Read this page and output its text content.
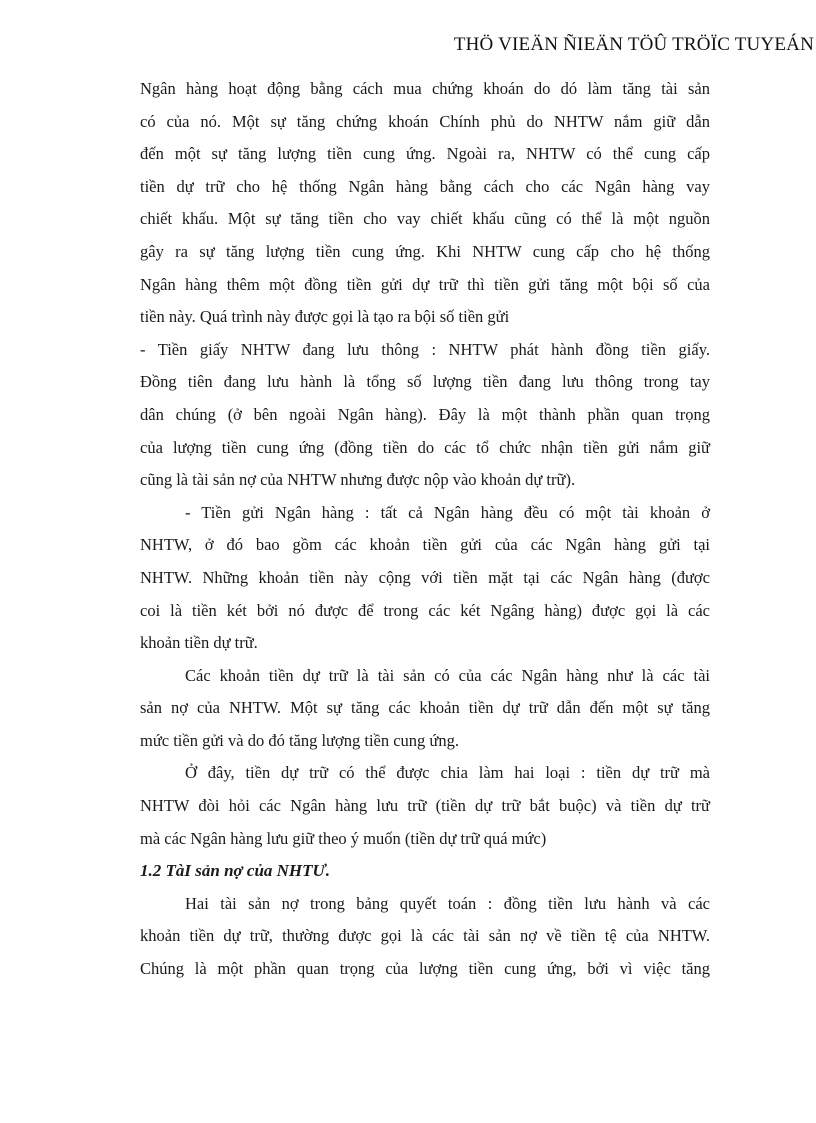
THÖ VIEÄN ÑIEÄN TÖÛ TRÖÏC TUYEÁN
Ngân hàng hoạt động bằng cách mua chứng khoán do dó làm tăng tài sản
có của nó. Một sự tăng chứng khoán Chính phủ do NHTW nắm giữ dẫn
đến một sự tăng lượng tiền cung ứng. Ngoài ra, NHTW có thể cung cấp
tiền dự trữ cho hệ thống Ngân hàng bằng cách cho các Ngân hàng vay
chiết khấu. Một sự tăng tiền cho vay chiết khấu cũng có thể là một nguồn
gây ra sự tăng lượng tiền cung ứng. Khi NHTW cung cấp cho hệ thống
Ngân hàng thêm một đồng tiền gửi dự trữ thì tiền gửi tăng một bội số của
tiền này. Quá trình này được gọi là tạo ra bội số tiền gửi
- Tiền giấy NHTW đang lưu thông : NHTW phát hành đồng tiền giấy.
Đồng tiên đang lưu hành là tổng số lượng tiền đang lưu thông trong tay
dân chúng (ở bên ngoài Ngân hàng). Đây là một thành phần quan trọng
của lượng tiền cung ứng (đồng tiền do các tổ chức nhận tiền gửi nắm giữ
cũng là tài sản nợ của NHTW nhưng được nộp vào khoản dự trữ).
- Tiền gửi Ngân hàng : tất cả Ngân hàng đều có một tài khoản ở
NHTW, ở đó bao gồm các khoản tiền gửi của các Ngân hàng gửi tại
NHTW. Những khoản tiền này cộng với tiền mặt tại các Ngân hàng (được
coi là tiền két bởi nó được để trong các két Ngâng hàng) được gọi là các
khoản tiền dự trữ.
Các khoản tiền dự trữ là tài sản có của các Ngân hàng như là các tài
sản nợ của NHTW. Một sự tăng các khoản tiền dự trữ dẫn đến một sự tăng
mức tiền gửi và do đó tăng lượng tiền cung ứng.
Ở đây, tiền dự trữ có thể được chia làm hai loại : tiền dự trữ mà
NHTW đòi hỏi các Ngân hàng lưu trữ (tiền dự trữ bắt buộc) và tiền dự trữ
mà các Ngân hàng lưu giữ theo ý muốn (tiền dự trữ quá mức)
1.2 TàI sản nợ của NHTƯ.
Hai tài sản nợ trong bảng quyết toán : đồng tiền lưu hành và các
khoản tiền dự trữ, thường được gọi là các tài sản nợ về tiền tệ của NHTW.
Chúng là một phần quan trọng của lượng tiền cung ứng, bởi vì việc tăng
